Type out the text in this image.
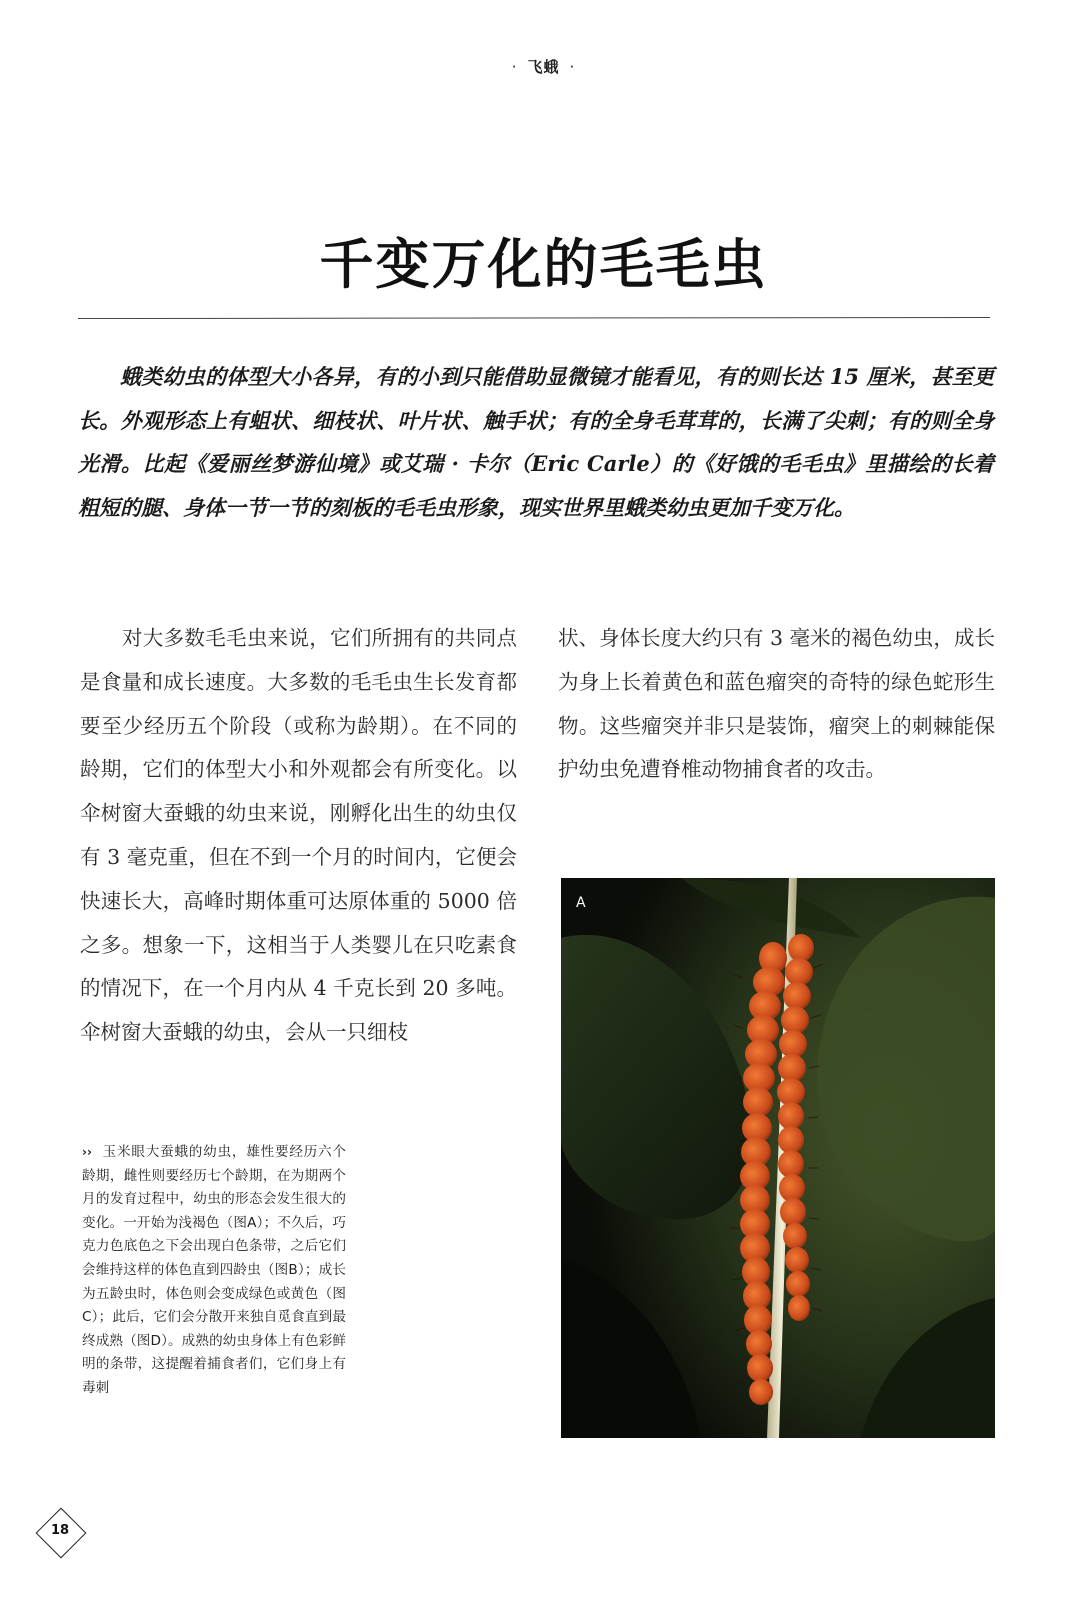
· 飞蛾 ·
千变万化的毛毛虫

蛾类幼虫的体型大小各异，有的小到只能借助显微镜才能看见，有的则长达 15 厘米，甚至更长。外观形态上有蛆状、细枝状、叶片状、触手状；有的全身毛茸茸的，长满了尖刺；有的则全身光滑。比起《爱丽丝梦游仙境》或艾瑞 · 卡尔（Eric Carle）的《好饿的毛毛虫》里描绘的长着粗短的腿、身体一节一节的刻板的毛毛虫形象，现实世界里蛾类幼虫更加千变万化。

对大多数毛毛虫来说，它们所拥有的共同点是食量和成长速度。大多数的毛毛虫生长发育都要至少经历五个阶段（或称为龄期）。在不同的龄期，它们的体型大小和外观都会有所变化。以伞树窗大蚕蛾的幼虫来说，刚孵化出生的幼虫仅有 3 毫克重，但在不到一个月的时间内，它便会快速长大，高峰时期体重可达原体重的 5000 倍之多。想象一下，这相当于人类婴儿在只吃素食的情况下，在一个月内从 4 千克长到 20 多吨。伞树窗大蚕蛾的幼虫，会从一只细枝

状、身体长度大约只有 3 毫米的褐色幼虫，成长为身上长着黄色和蓝色瘤突的奇特的绿色蛇形生物。这些瘤突并非只是装饰，瘤突上的刺棘能保护幼虫免遭脊椎动物捕食者的攻击。

›› 玉米眼大蚕蛾的幼虫，雄性要经历六个龄期，雌性则要经历七个龄期，在为期两个月的发育过程中，幼虫的形态会发生很大的变化。一开始为浅褐色（图A）；不久后，巧克力色底色之下会出现白色条带，之后它们会维持这样的体色直到四龄虫（图B）；成长为五龄虫时，体色则会变成绿色或黄色（图C）；此后，它们会分散开来独自觅食直到最终成熟（图D）。成熟的幼虫身体上有色彩鲜明的条带，这提醒着捕食者们，它们身上有毒刺

A
18
